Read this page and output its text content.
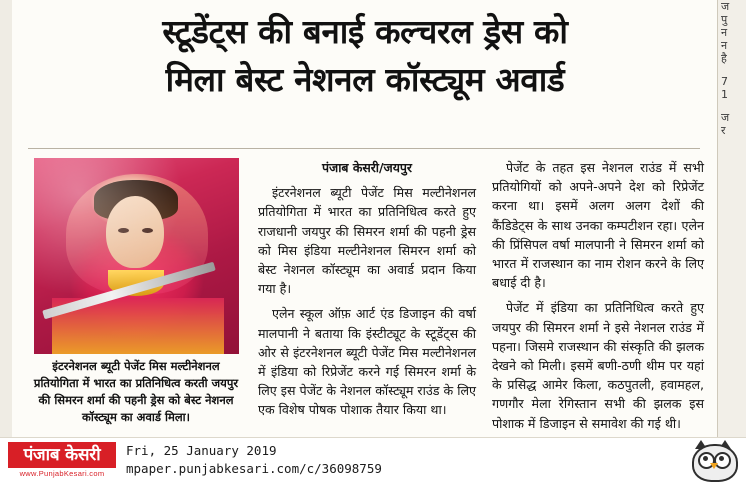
स्टूडेंट्स की बनाई कल्चरल ड्रेस को
मिला बेस्ट नेशनल कॉस्ट्यूम अवार्ड
इंटरनेशनल ब्यूटी पेजेंट मिस मल्टीनेशनल प्रतियोगिता में भारत का प्रतिनिधित्व करती जयपुर की सिमरन शर्मा की पहनी ड्रेस को बेस्ट नेशनल कॉस्ट्यूम का अवार्ड मिला।

पंजाब केसरी/जयपुर

इंटरनेशनल ब्यूटी पेजेंट मिस मल्टीनेशनल प्रतियोगिता में भारत का प्रतिनिधित्व करते हुए राजधानी जयपुर की सिमरन शर्मा की पहनी ड्रेस को मिस इंडिया मल्टीनेशनल सिमरन शर्मा को बेस्ट नेशनल कॉस्ट्यूम का अवार्ड प्रदान किया गया है।

एलेन स्कूल ऑफ़ आर्ट एंड डिजाइन की वर्षा मालपानी ने बताया कि इंस्टीट्यूट के स्टूडेंट्स की ओर से इंटरनेशनल ब्यूटी पेजेंट मिस मल्टीनेशनल में इंडिया को रिप्रेजेंट करने गई सिमरन शर्मा के लिए इस पेजेंट के नेशनल कॉस्ट्यूम राउंड के लिए एक विशेष पोषक पोशाक तैयार किया था।

पेजेंट के तहत इस नेशनल राउंड में सभी प्रतियोगियों को अपने-अपने देश को रिप्रेजेंट करना था। इसमें अलग अलग देशों की कैंडिडेट्स के साथ उनका कम्पटीशन रहा। एलेन की प्रिंसिपल वर्षा मालपानी ने सिमरन शर्मा को भारत में राजस्थान का नाम रोशन करने के लिए बधाई दी है।

पेजेंट में इंडिया का प्रतिनिधित्व करते हुए जयपुर की सिमरन शर्मा ने इसे नेशनल राउंड में पहना। जिसमे राजस्थान की संस्कृति की झलक देखने को मिली। इसमें बणी-ठणी थीम पर यहां के प्रसिद्ध आमेर किला, कठपुतली, हवामहल, गणगौर मेला रेगिस्तान सभी की झलक इस पोशाक में डिजाइन से समावेश की गई थी।

ज
पु
न
न
है
7
1
ज
र
पंजाब केसरी
www.PunjabKesari.com
Fri, 25 January 2019
mpaper.punjabkesari.com/c/36098759
